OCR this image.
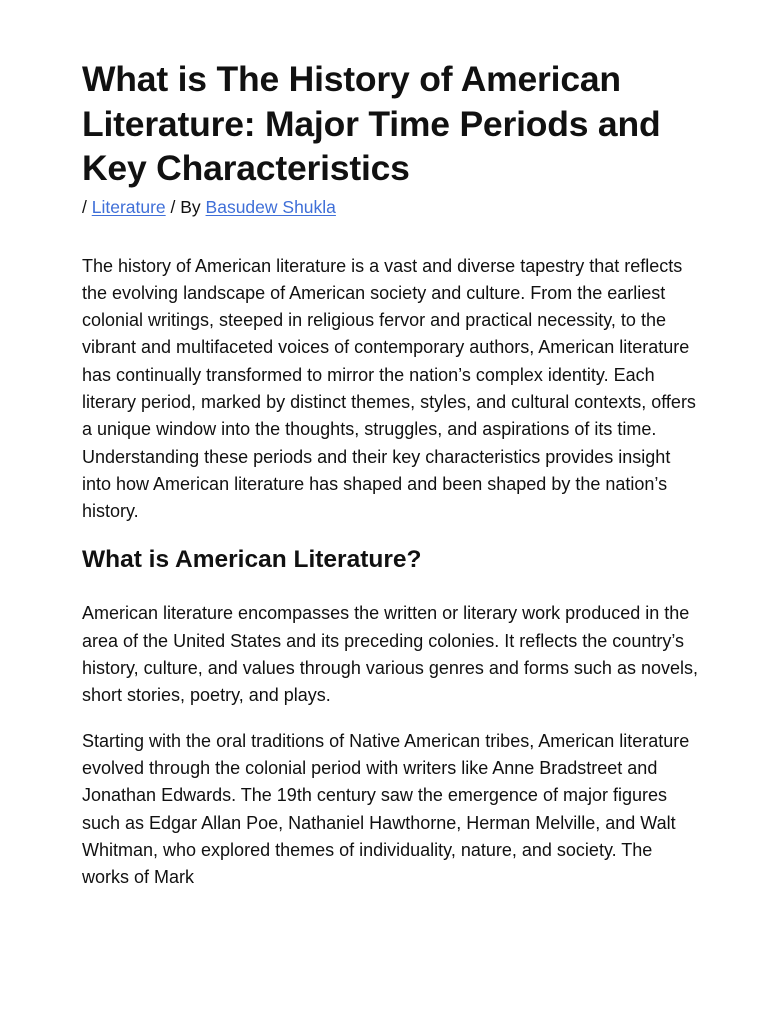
What is The History of American Literature: Major Time Periods and Key Characteristics
/ Literature / By Basudew Shukla

The history of American literature is a vast and diverse tapestry that reflects the evolving landscape of American society and culture. From the earliest colonial writings, steeped in religious fervor and practical necessity, to the vibrant and multifaceted voices of contemporary authors, American literature has continually transformed to mirror the nation’s complex identity. Each literary period, marked by distinct themes, styles, and cultural contexts, offers a unique window into the thoughts, struggles, and aspirations of its time. Understanding these periods and their key characteristics provides insight into how American literature has shaped and been shaped by the nation’s history.

What is American Literature?

American literature encompasses the written or literary work produced in the area of the United States and its preceding colonies. It reflects the country’s history, culture, and values through various genres and forms such as novels, short stories, poetry, and plays.

Starting with the oral traditions of Native American tribes, American literature evolved through the colonial period with writers like Anne Bradstreet and Jonathan Edwards. The 19th century saw the emergence of major figures such as Edgar Allan Poe, Nathaniel Hawthorne, Herman Melville, and Walt Whitman, who explored themes of individuality, nature, and society. The works of Mark
